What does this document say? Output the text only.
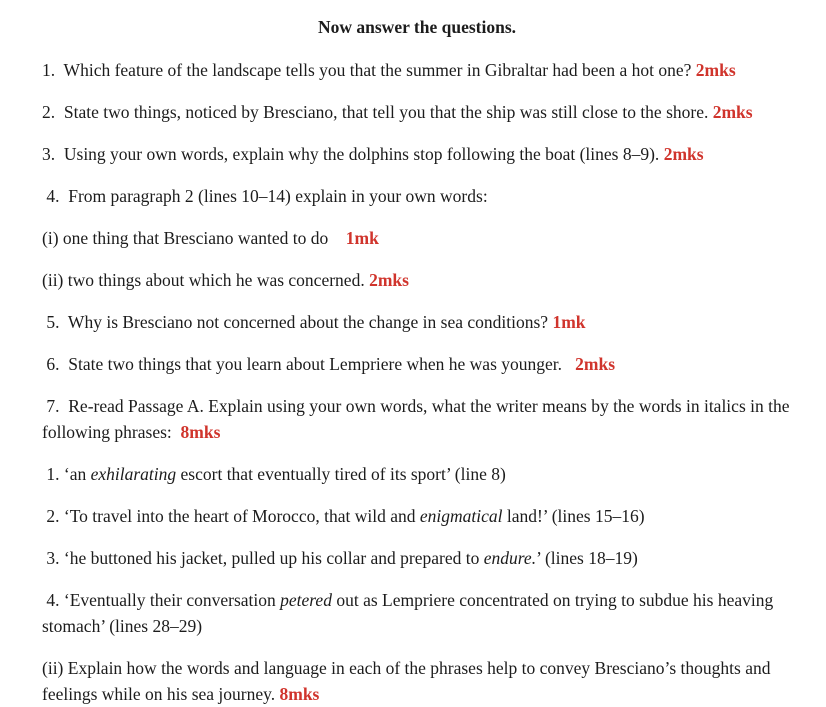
Now answer the questions.

1.  Which feature of the landscape tells you that the summer in Gibraltar had been a hot one? 2mks

2.  State two things, noticed by Bresciano, that tell you that the ship was still close to the shore. 2mks

3.  Using your own words, explain why the dolphins stop following the boat (lines 8–9). 2mks

4.  From paragraph 2 (lines 10–14) explain in your own words:

(i) one thing that Bresciano wanted to do    1mk

(ii) two things about which he was concerned. 2mks

5.  Why is Bresciano not concerned about the change in sea conditions? 1mk

6.  State two things that you learn about Lempriere when he was younger.   2mks

7.  Re-read Passage A. Explain using your own words, what the writer means by the words in italics in the following phrases:  8mks

1. ‘an exhilarating escort that eventually tired of its sport’ (line 8)

2. ‘To travel into the heart of Morocco, that wild and enigmatical land!’ (lines 15–16)

3. ‘he buttoned his jacket, pulled up his collar and prepared to endure.’ (lines 18–19)

4. ‘Eventually their conversation petered out as Lempriere concentrated on trying to subdue his heaving stomach’ (lines 28–29)

(ii) Explain how the words and language in each of the phrases help to convey Bresciano’s thoughts and feelings while on his sea journey. 8mks
